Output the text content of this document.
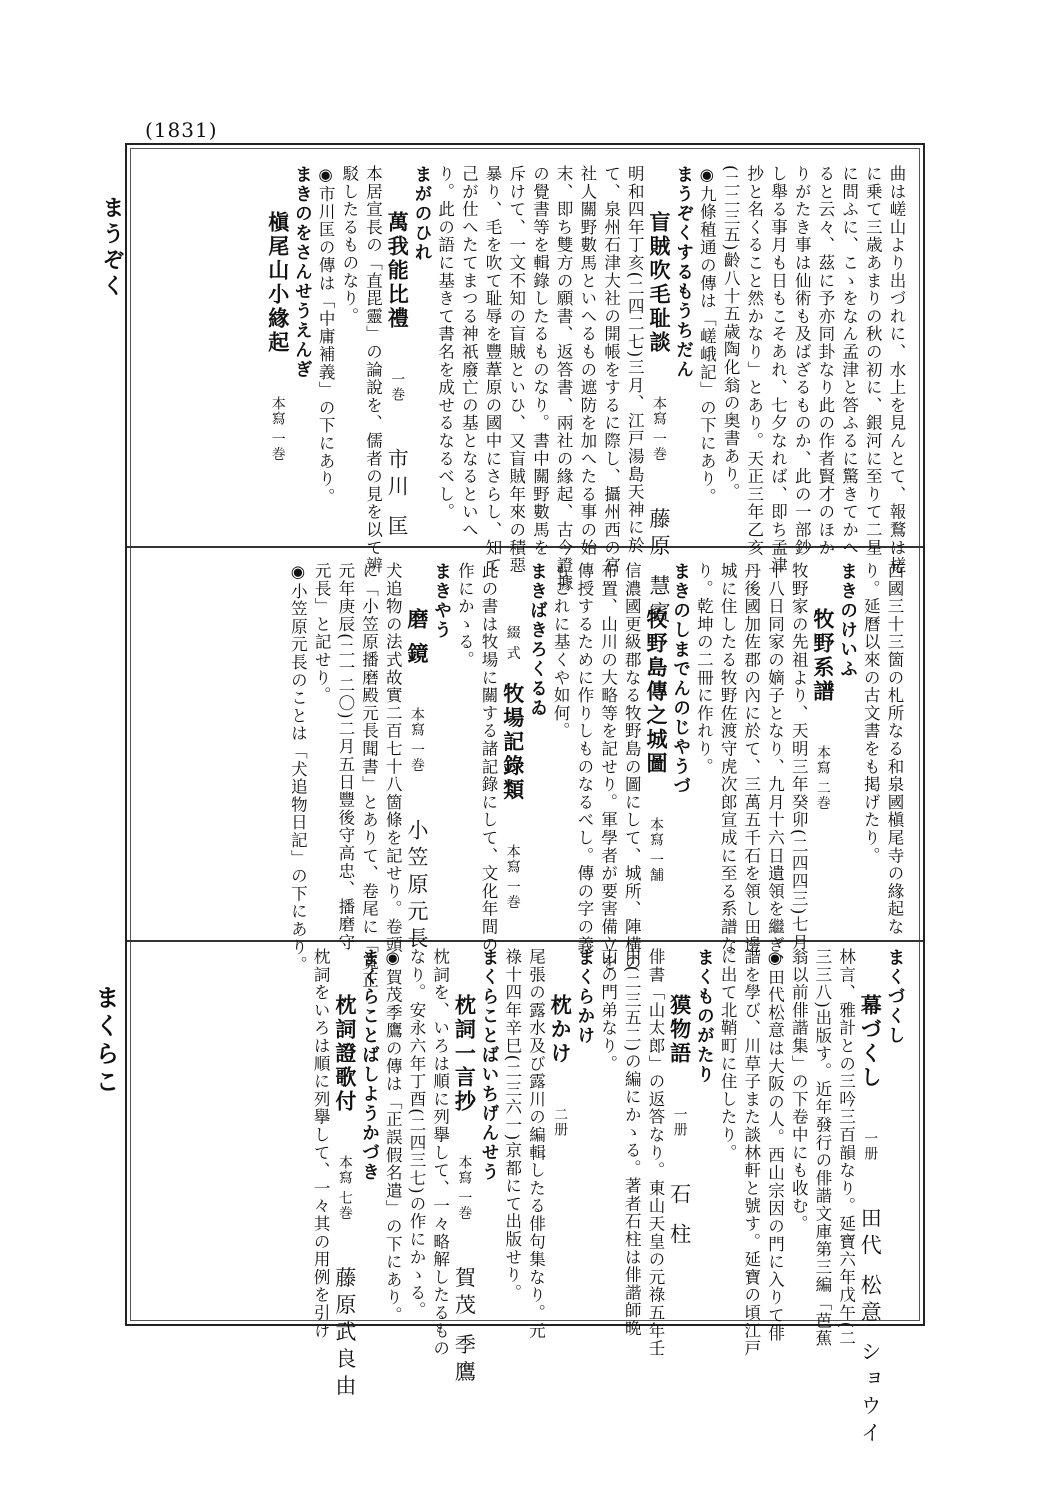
(1831)
まうぞく
まくらこ
曲は嵯山より出づれに、水上を見んとて、報鶩は槎
に乗て三歳あまりの秋の初に、銀河に至りて二星
に問ふに、こゝをなん孟津と答ふるに驚きてかへ
ると云々、茲に予亦同卦なり此の作者賢才のほか
りがたき事は仙術も及ばざるものか、此の一部鈔
し舉る事月も日もこそあれ、七夕なれば、即ち孟津
抄と名くること然かなり」とあり。天正三年乙亥
(二二三五)齡八十五歳陶化翁の奥書あり。
◉九條稙通の傳は「嵯峨記」の下にあり。
まうぞくするもうちだん
盲賊吹毛耻談　本寫 一巻　藤原 慧賓
明和四年丁亥(二四二七)三月、江戸湯島天神に於
て、泉州石津大社の開帳をするに際し、攝州西の宮
社人關野數馬といへるもの遮防を加へたる事の始
末、即ち雙方の願書、返答書、兩社の緣起、古今證據
の覺書等を輯錄したるものなり。書中關野數馬を
斥けて、一文不知の盲賊といひ、又盲賊年來の積惡
暴り、毛を吹て耻辱を豐葦原の國中にさらし、知て
己が仕へたてまつる神祇廢亡の基となるといへ
り。此の語に基きて書名を成せるなるべし。
まがのひれ
萬我能比禮　一巻　市川 匡
本居宣長の「直毘靈」の論說を、儒者の見を以て辨
駁したるものなり。
◉市川匡の傳は「中庸補義」の下にあり。
まきのをさんせうえんぎ
槇尾山小緣起　本寫 一巻　
西國三十三箇の札所なる和泉國槇尾寺の緣起な
り。延曆以來の古文書をも掲げたり。
まきのけいふ
牧野系譜　本寫 二巻　
牧野家の先祖より、天明三年癸卯(二四四三)七月
十八日同家の嫡子となり、九月十六日遺領を繼ぎ、
丹後國加佐郡の內に於て、三萬五千石を領し田邊
城に住したる牧野佐渡守虎次郎宣成に至る系譜な
り。乾坤の二冊に作れり。
まきのしまでんのじやうづ
牧野島傳之城圖　本寫 一舗　
信濃國更級郡なる牧野島の圖にして、城所、陣構の
布置、山川の大略等を記せり。軍學者が要害備立を
傳授するために作りしものなるべし。傳の字の義
もこれに基くや如何。
まきばきろくるゐ
綴 式牧場記錄類　本寫 一巻　
此の書は牧場に關する諸記錄にして、文化年間の
作にかゝる。
まきやう
磨 鏡　本寫 一巻　小笠原元長
犬追物の法式故實二百七十八箇條を記せり。卷頭
に「小笠原播磨殿元長聞書」とありて、卷尾に「寬正
元年庚辰(二一二〇)二月五日豐後守高忠、播磨守
元長」と記せり。
◉小笠原元長のことは「犬追物日記」の下にあり。
まくづくし
幕づくし　一册　田代 松意 ショウイ
林言、雅計との三吟三百韻なり。延寶六年戊午(二
三三八)出版す。近年發行の俳諧文庫第三編「芭蕉
翁以前俳諧集」の下卷中にも收む。
◉田代松意は大阪の人。西山宗因の門に入りて俳
諧を學び、川草子また談林軒と號す。延寶の頃江戸
に出て北鞘町に住したり。
まくものがたり
獏物語　一册　石 柱
俳書「山太郎」の返答なり。東山天皇の元祿五年壬
申(二三五二)の編にかゝる。著者石柱は俳諧師晩
山の門弟なり。
まくらかけ
枕かけ　二册　
尾張の露水及び露川の編輯したる俳句集なり。元
祿十四年辛巳(二三六一)京都にて出版せり。
まくらことばいちげんせう
枕詞一言抄　本寫 一巻　賀茂 季鷹
枕詞を、いろは順に列擧して、一々略解したるもの
なり。安永六年丁酉(二四三七)の作にかゝる。
◉賀茂季鷹の傳は「正誤假名遣」の下にあり。
まくらことばしようかづき
枕詞證歌付　本寫 七巻　藤原武良由
枕詞をいろは順に列擧して、一々其の用例を引け
